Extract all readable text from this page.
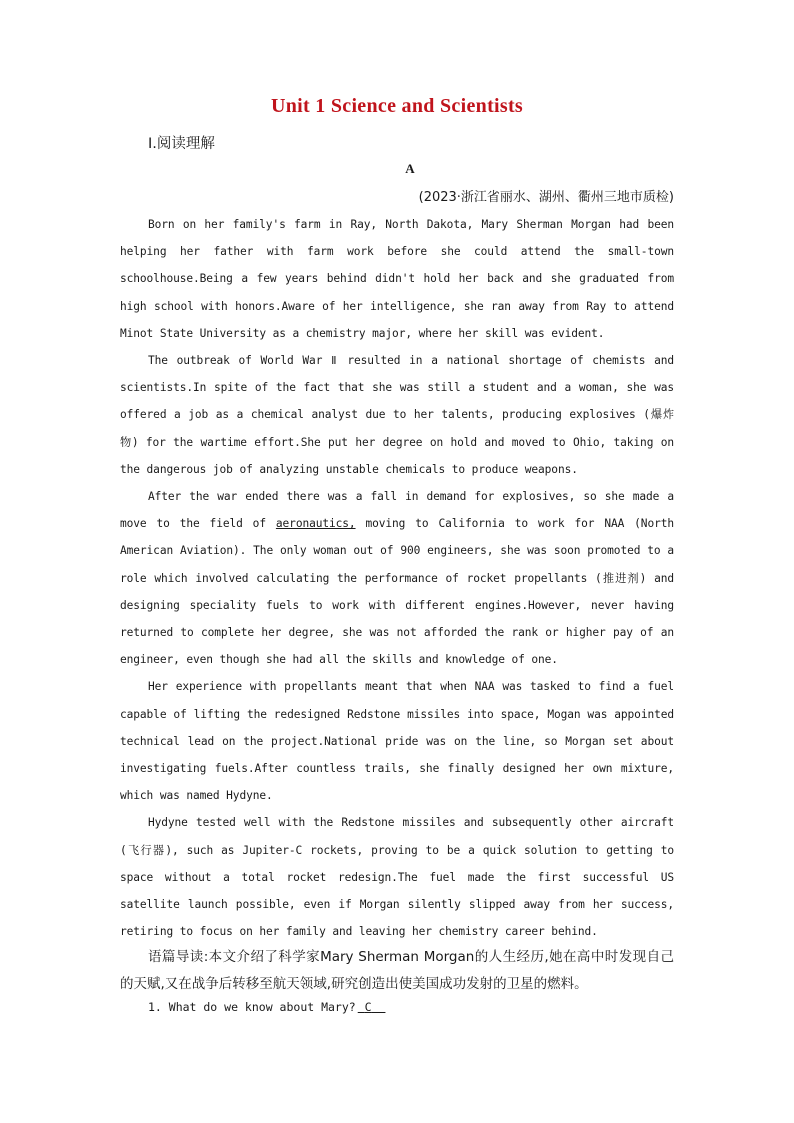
Unit 1 Science and Scientists
Ⅰ.阅读理解
A
(2023·浙江省丽水、湖州、衢州三地市质检)

Born on her family's farm in Ray, North Dakota, Mary Sherman Morgan had been helping her father with farm work before she could attend the small-town schoolhouse.Being a few years behind didn't hold her back and she graduated from high school with honors.Aware of her intelligence, she ran away from Ray to attend Minot State University as a chemistry major, where her skill was evident.

The outbreak of World War Ⅱ resulted in a national shortage of chemists and scientists.In spite of the fact that she was still a student and a woman, she was offered a job as a chemical analyst due to her talents, producing explosives (爆炸物) for the wartime effort.She put her degree on hold and moved to Ohio, taking on the dangerous job of analyzing unstable chemicals to produce weapons.

After the war ended there was a fall in demand for explosives, so she made a move to the field of aeronautics, moving to California to work for NAA (North American Aviation). The only woman out of 900 engineers, she was soon promoted to a role which involved calculating the performance of rocket propellants (推进剂) and designing speciality fuels to work with different engines.However, never having returned to complete her degree, she was not afforded the rank or higher pay of an engineer, even though she had all the skills and knowledge of one.

Her experience with propellants meant that when NAA was tasked to find a fuel capable of lifting the redesigned Redstone missiles into space, Mogan was appointed technical lead on the project.National pride was on the line, so Morgan set about investigating fuels.After countless trails, she finally designed her own mixture, which was named Hydyne.

Hydyne tested well with the Redstone missiles and subsequently other aircraft (飞行器), such as Jupiter-C rockets, proving to be a quick solution to getting to space without a total rocket redesign.The fuel made the first successful US satellite launch possible, even if Morgan silently slipped away from her success, retiring to focus on her family and leaving her chemistry career behind.

语篇导读:本文介绍了科学家Mary Sherman Morgan的人生经历,她在高中时发现自己的天赋,又在战争后转移至航天领域,研究创造出使美国成功发射的卫星的燃料。
1. What do we know about Mary? C
